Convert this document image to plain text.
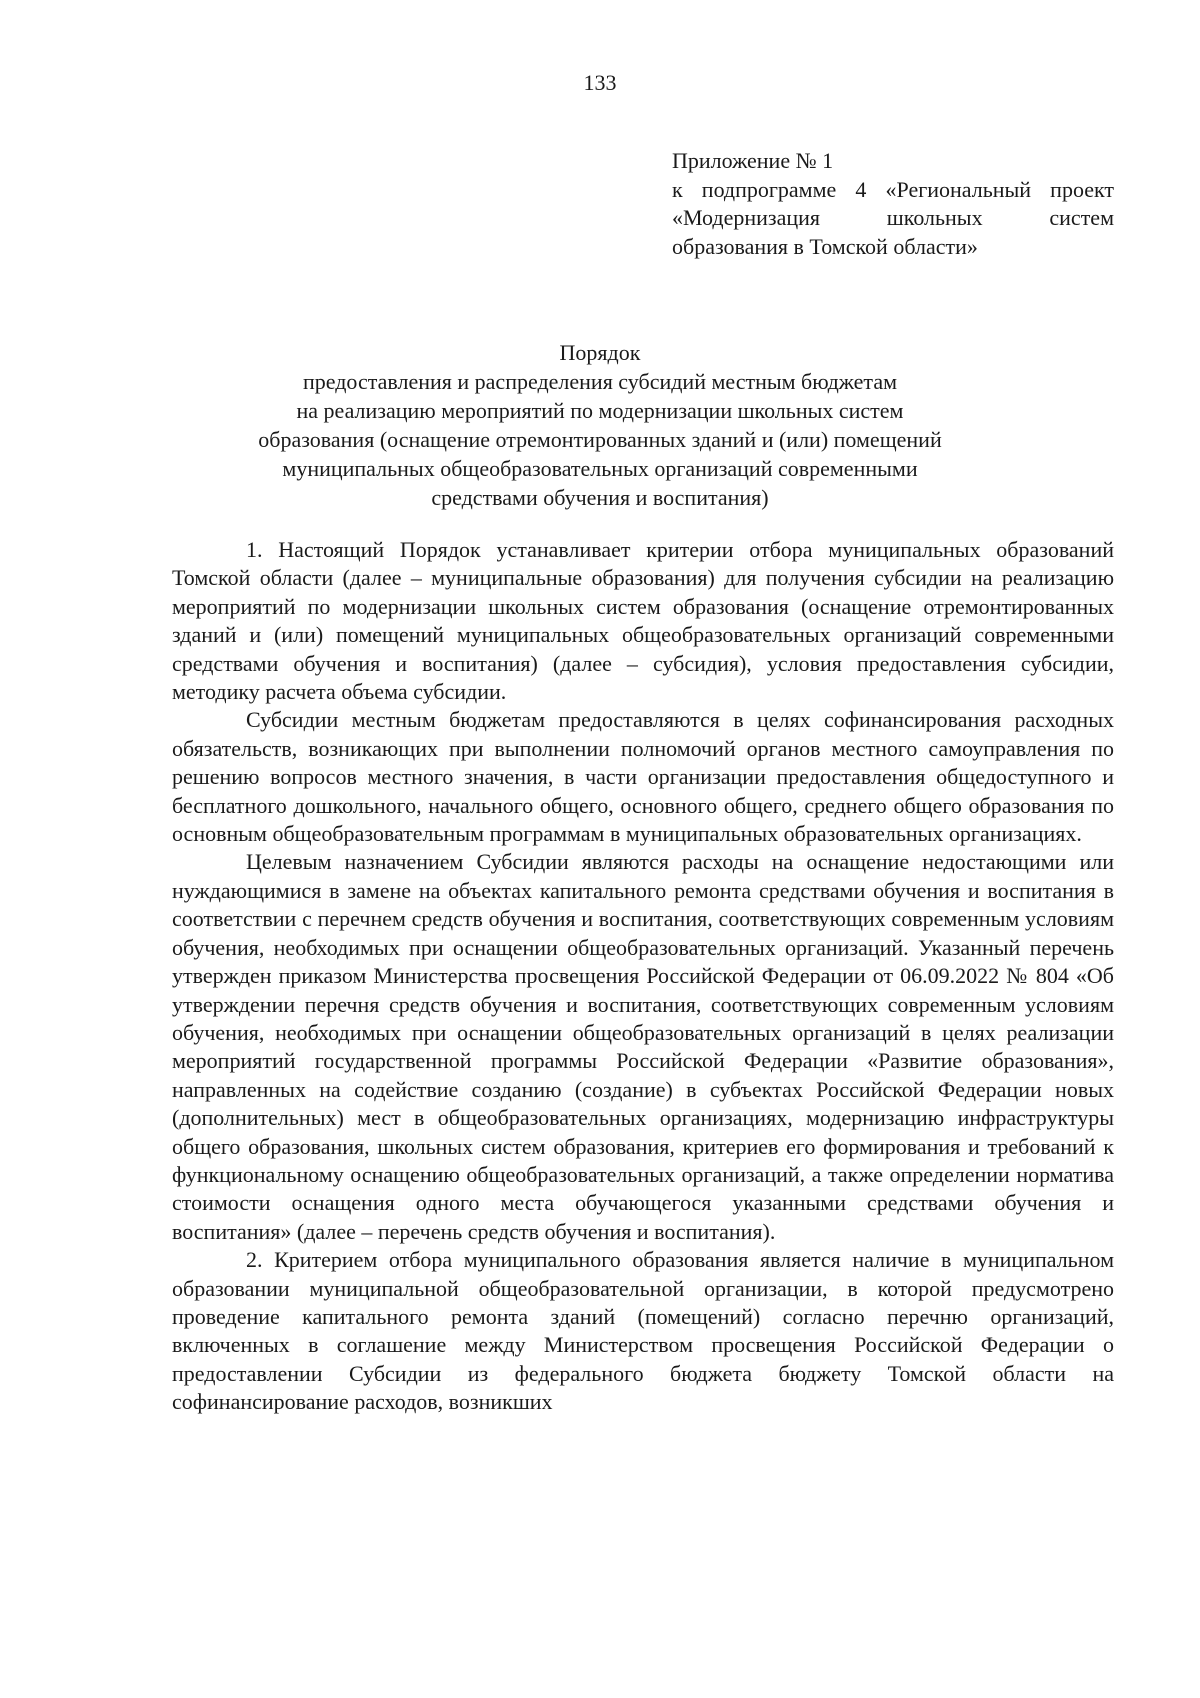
133
Приложение № 1
к подпрограмме 4 «Региональный проект
«Модернизация школьных систем
образования в Томской области»
Порядок
предоставления и распределения субсидий местным бюджетам
на реализацию мероприятий по модернизации школьных систем
образования (оснащение отремонтированных зданий и (или) помещений
муниципальных общеобразовательных организаций современными
средствами обучения и воспитания)

1. Настоящий Порядок устанавливает критерии отбора муниципальных образований Томской области (далее – муниципальные образования) для получения субсидии на реализацию мероприятий по модернизации школьных систем образования (оснащение отремонтированных зданий и (или) помещений муниципальных общеобразовательных организаций современными средствами обучения и воспитания) (далее – субсидия), условия предоставления субсидии, методику расчета объема субсидии.

Субсидии местным бюджетам предоставляются в целях софинансирования расходных обязательств, возникающих при выполнении полномочий органов местного самоуправления по решению вопросов местного значения, в части организации предоставления общедоступного и бесплатного дошкольного, начального общего, основного общего, среднего общего образования по основным общеобразовательным программам в муниципальных образовательных организациях.

Целевым назначением Субсидии являются расходы на оснащение недостающими или нуждающимися в замене на объектах капитального ремонта средствами обучения и воспитания в соответствии с перечнем средств обучения и воспитания, соответствующих современным условиям обучения, необходимых при оснащении общеобразовательных организаций. Указанный перечень утвержден приказом Министерства просвещения Российской Федерации от 06.09.2022 № 804 «Об утверждении перечня средств обучения и воспитания, соответствующих современным условиям обучения, необходимых при оснащении общеобразовательных организаций в целях реализации мероприятий государственной программы Российской Федерации «Развитие образования», направленных на содействие созданию (создание) в субъектах Российской Федерации новых (дополнительных) мест в общеобразовательных организациях, модернизацию инфраструктуры общего образования, школьных систем образования, критериев его формирования и требований к функциональному оснащению общеобразовательных организаций, а также определении норматива стоимости оснащения одного места обучающегося указанными средствами обучения и воспитания» (далее – перечень средств обучения и воспитания).

2. Критерием отбора муниципального образования является наличие в муниципальном образовании муниципальной общеобразовательной организации, в которой предусмотрено проведение капитального ремонта зданий (помещений) согласно перечню организаций, включенных в соглашение между Министерством просвещения Российской Федерации о предоставлении Субсидии из федерального бюджета бюджету Томской области на софинансирование расходов, возникших
